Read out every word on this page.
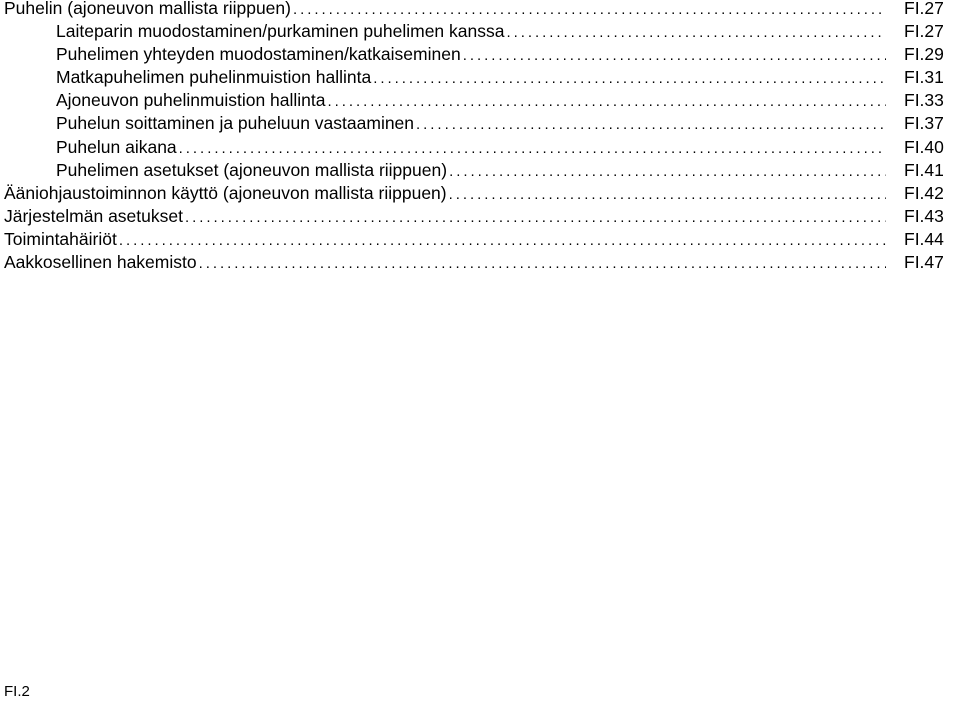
Puhelin (ajoneuvon mallista riippuen) . . .	FI.27
Laiteparin muodostaminen/purkaminen puhelimen kanssa . . .	FI.27
Puhelimen yhteyden muodostaminen/katkaiseminen . . .	FI.29
Matkapuhelimen puhelinmuistion hallinta . . .	FI.31
Ajoneuvon puhelinmuistion hallinta . . .	FI.33
Puhelun soittaminen ja puheluun vastaaminen . . .	FI.37
Puhelun aikana . . .	FI.40
Puhelimen asetukset (ajoneuvon mallista riippuen) . . .	FI.41
Ääniohjaustoiminnon käyttö (ajoneuvon mallista riippuen) . . .	FI.42
Järjestelmän asetukset . . .	FI.43
Toimintahäiriöt . . .	FI.44
Aakkosellinen hakemisto . . .	FI.47
FI.2
